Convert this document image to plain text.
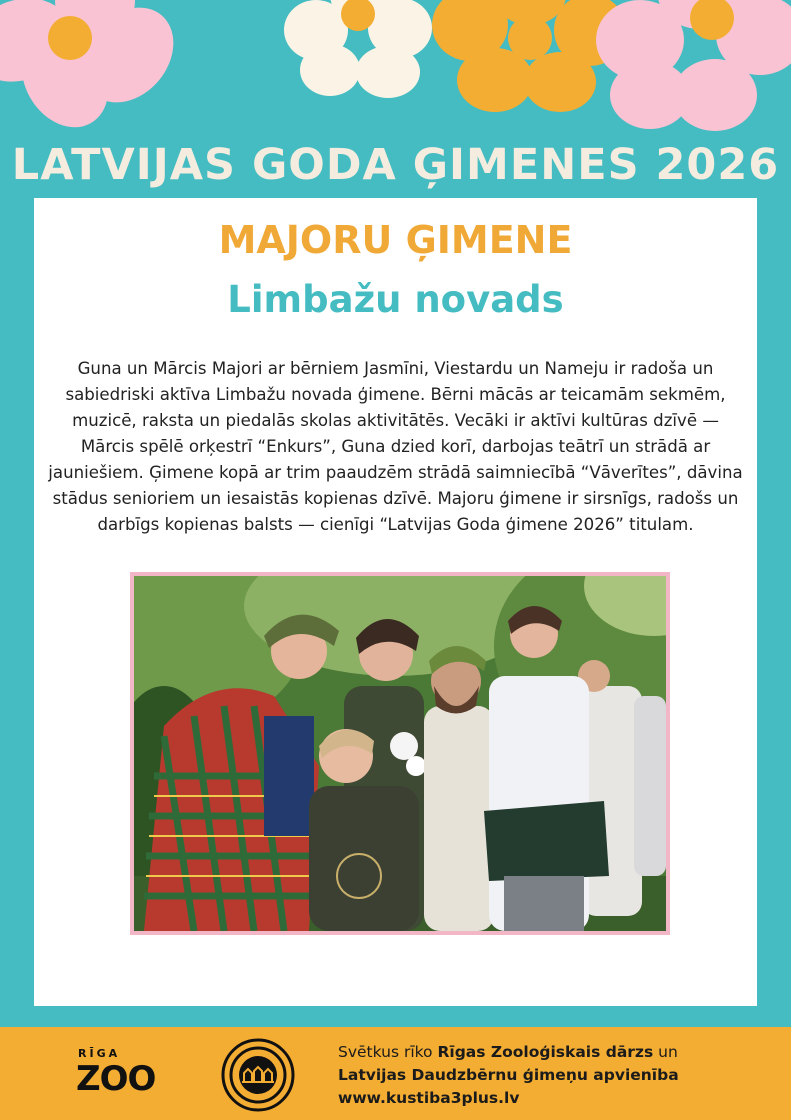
LATVIJAS GODA ĢIMENES 2026
MAJORU ĢIMENE
Limbažu novads

Guna un Mārcis Majori ar bērniem Jasmīni, Viestardu un Nameju ir radoša un sabiedriski aktīva Limbažu novada ģimene. Bērni mācās ar teicamām sekmēm, muzicē, raksta un piedalās skolas aktivitātēs. Vecāki ir aktīvi kultūras dzīvē — Mārcis spēlē orķestrī “Enkurs”, Guna dzied korī, darbojas teātrī un strādā ar jauniešiem. Ģimene kopā ar trim paaudzēm strādā saimniecībā “Vāverītes”, dāvina stādus senioriem un iesaistās kopienas dzīvē. Majoru ģimene ir sirsnīgs, radošs un darbīgs kopienas balsts — cienīgi “Latvijas Goda ģimene 2026” titulam.

RĪGA
ZOO
Svētkus rīko Rīgas Zooloģiskais dārzs un
Latvijas Daudzbērnu ģimeņu apvienība
www.kustiba3plus.lv
